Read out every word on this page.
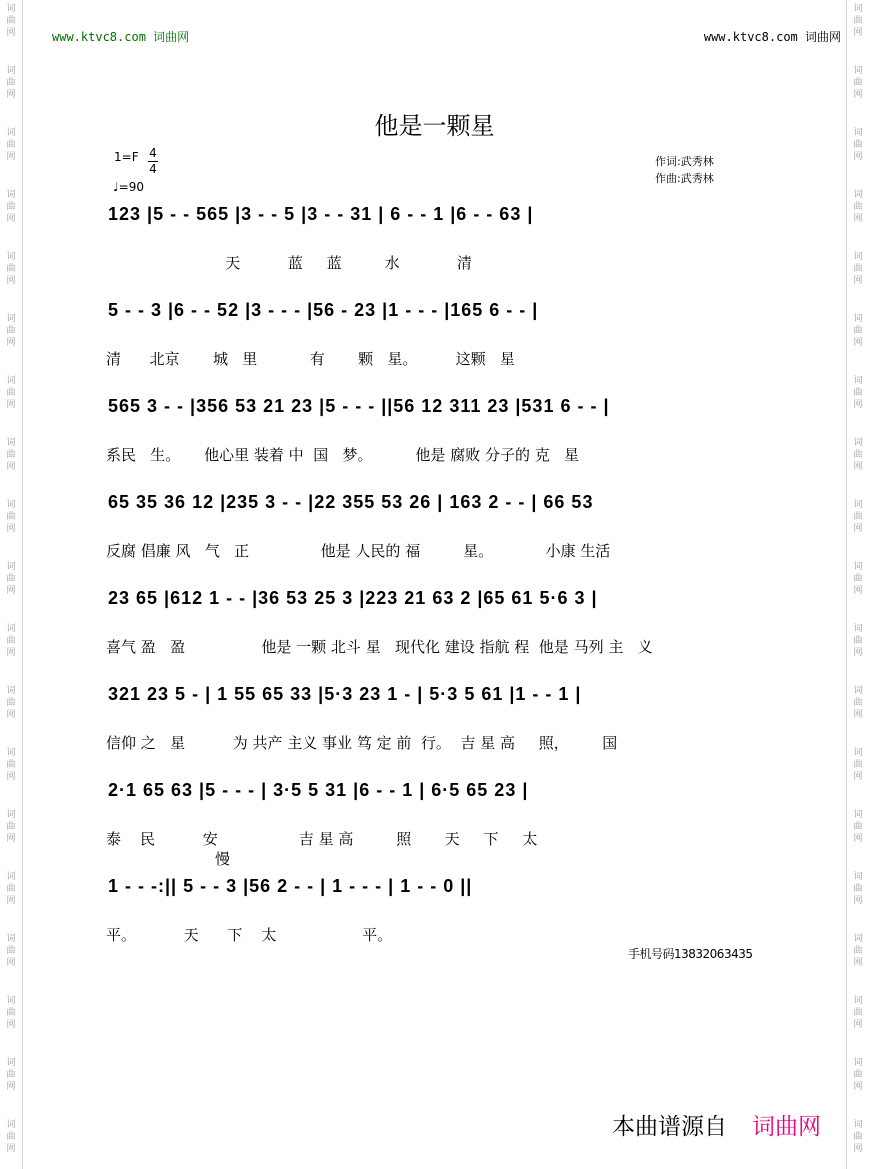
词
曲
网
词
曲
网
词
曲
网
词
曲
网
词
曲
网
词
曲
网
词
曲
网
词
曲
网
词
曲
网
词
曲
网
词
曲
网
词
曲
网
词
曲
网
词
曲
网
词
曲
网
词
曲
网
词
曲
网
词
曲
网
词
曲
网
词
曲
网
词
曲
网
词
曲
网
词
曲
网
词
曲
网
词
曲
网
词
曲
网
词
曲
网
词
曲
网
词
曲
网
词
曲
网
词
曲
网
词
曲
网
词
曲
网
词
曲
网
词
曲
网
词
曲
网
词
曲
网
词
曲
网
www.ktvc8.com 词曲网	www.ktvc8.com 词曲网
他是一颗星
1=F 4
4
♩=90
作词:武秀林
作曲:武秀林
123 |5 - - 565 |3 - - 5 |3 - - 31 | 6 - - 1 |6 - - 63 |
天          蓝     蓝         水            清
5 - - 3 |6 - - 52 |3 - - - |56 - 23 |1 - - - |165 6 - - |
清      北京       城   里           有       颗   星。        这颗   星
565 3 - - |356 53 21 23 |5 - - - ||56 12 311 23 |531 6 - - |
系民   生。     他心里 装着 中  国   梦。         他是 腐败 分子的 克   星
65 35 36 12 |235 3 - - |22 355 53 26 | 163 2 - - | 66 53
反腐 倡廉 风   气   正               他是 人民的 福         星。           小康 生活
23 65 |612 1 - - |36 53 25 3 |223 21 63 2 |65 61 5·6 3 |
喜气 盈   盈                他是 一颗 北斗 星   现代化 建设 指航 程  他是 马列 主   义
321 23 5 - | 1 55 65 33 |5·3 23 1 - | 5·3 5 61 |1 - - 1 |
信仰 之   星          为 共产 主义 事业 笃 定 前  行。  吉 星 高     照，       国
2·1 65 63 |5 - - - | 3·5 5 31 |6 - - 1 | 6·5 65 23 |
泰    民          安                 吉 星 高         照       天     下     太
慢
1 - - -:|| 5 - - 3 |56 2 - - | 1 - - - | 1 - - 0 ||
平。          天      下    太                  平。
手机号码13832063435
本曲谱源自 词曲网
